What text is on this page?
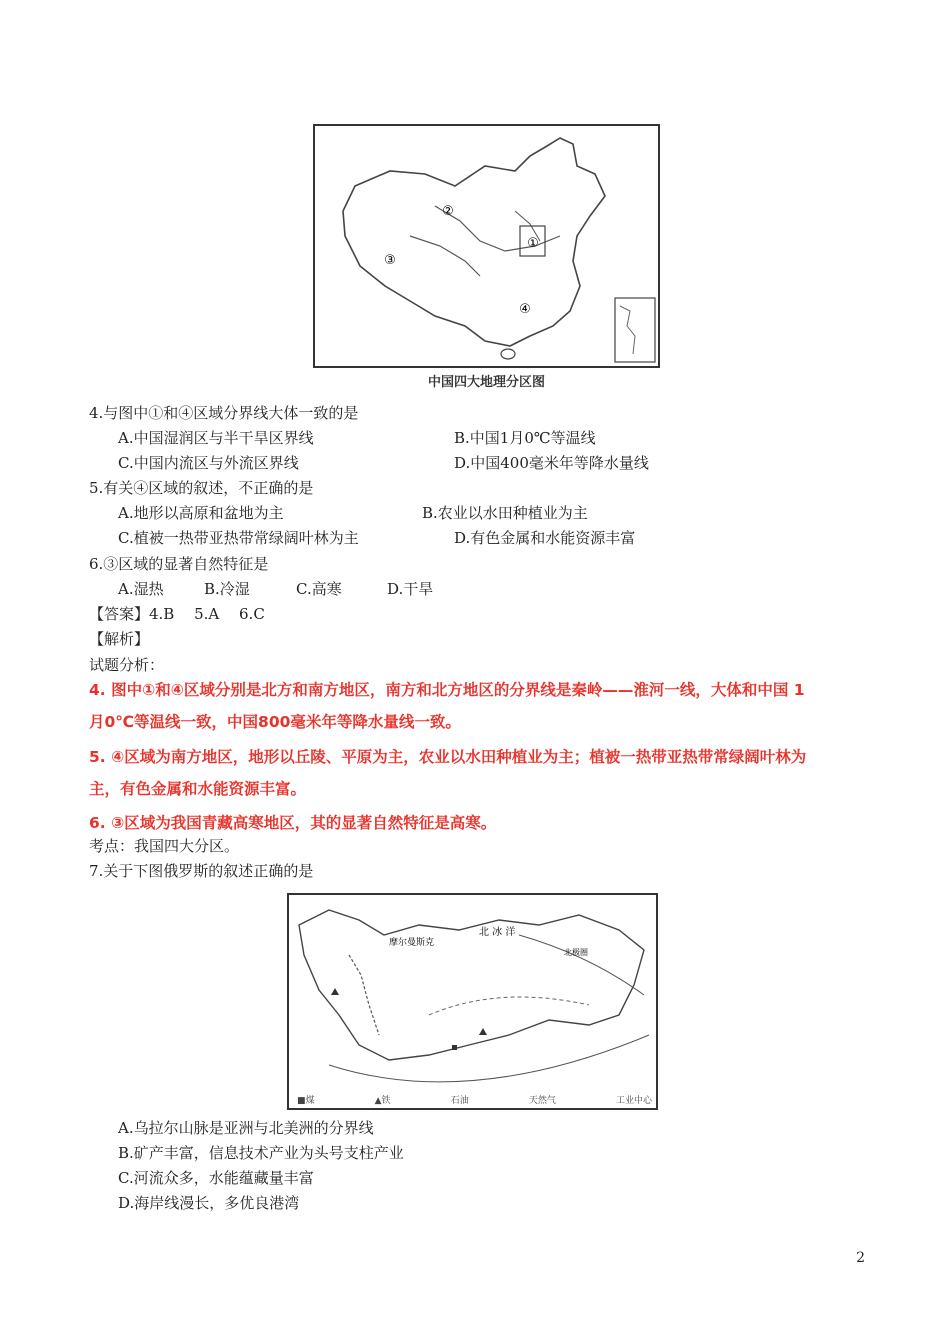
①
②
③
④
中国四大地理分区图
4.与图中①和④区域分界线大体一致的是
A.中国湿润区与半干旱区界线	B.中国1月0℃等温线
C.中国内流区与外流区界线	D.中国400毫米年等降水量线
5.有关④区域的叙述，不正确的是
A.地形以高原和盆地为主	B.农业以水田种植业为主
C.植被一热带亚热带常绿阔叶林为主	D.有色金属和水能资源丰富
6.③区域的显著自然特征是
A.湿热	B.冷湿	C.高寒	D.干旱
【答案】4.B　 5.A　 6.C
【解析】
试题分析：
4. 图中①和④区域分别是北方和南方地区，南方和北方地区的分界线是秦岭——淮河一线，大体和中国 1
月0℃等温线一致，中国800毫米年等降水量线一致。
5. ④区域为南方地区，地形以丘陵、平原为主，农业以水田种植业为主；植被一热带亚热带常绿阔叶林为
主，有色金属和水能资源丰富。
6. ③区域为我国青藏高寒地区，其的显著自然特征是高寒。
考点：我国四大分区。
7.关于下图俄罗斯的叙述正确的是
摩尔曼斯克
北 冰 洋
北极圈
■煤	▲铁	石油	天然气	工业中心
A.乌拉尔山脉是亚洲与北美洲的分界线
B.矿产丰富，信息技术产业为头号支柱产业
C.河流众多，水能蕴藏量丰富
D.海岸线漫长，多优良港湾
2
